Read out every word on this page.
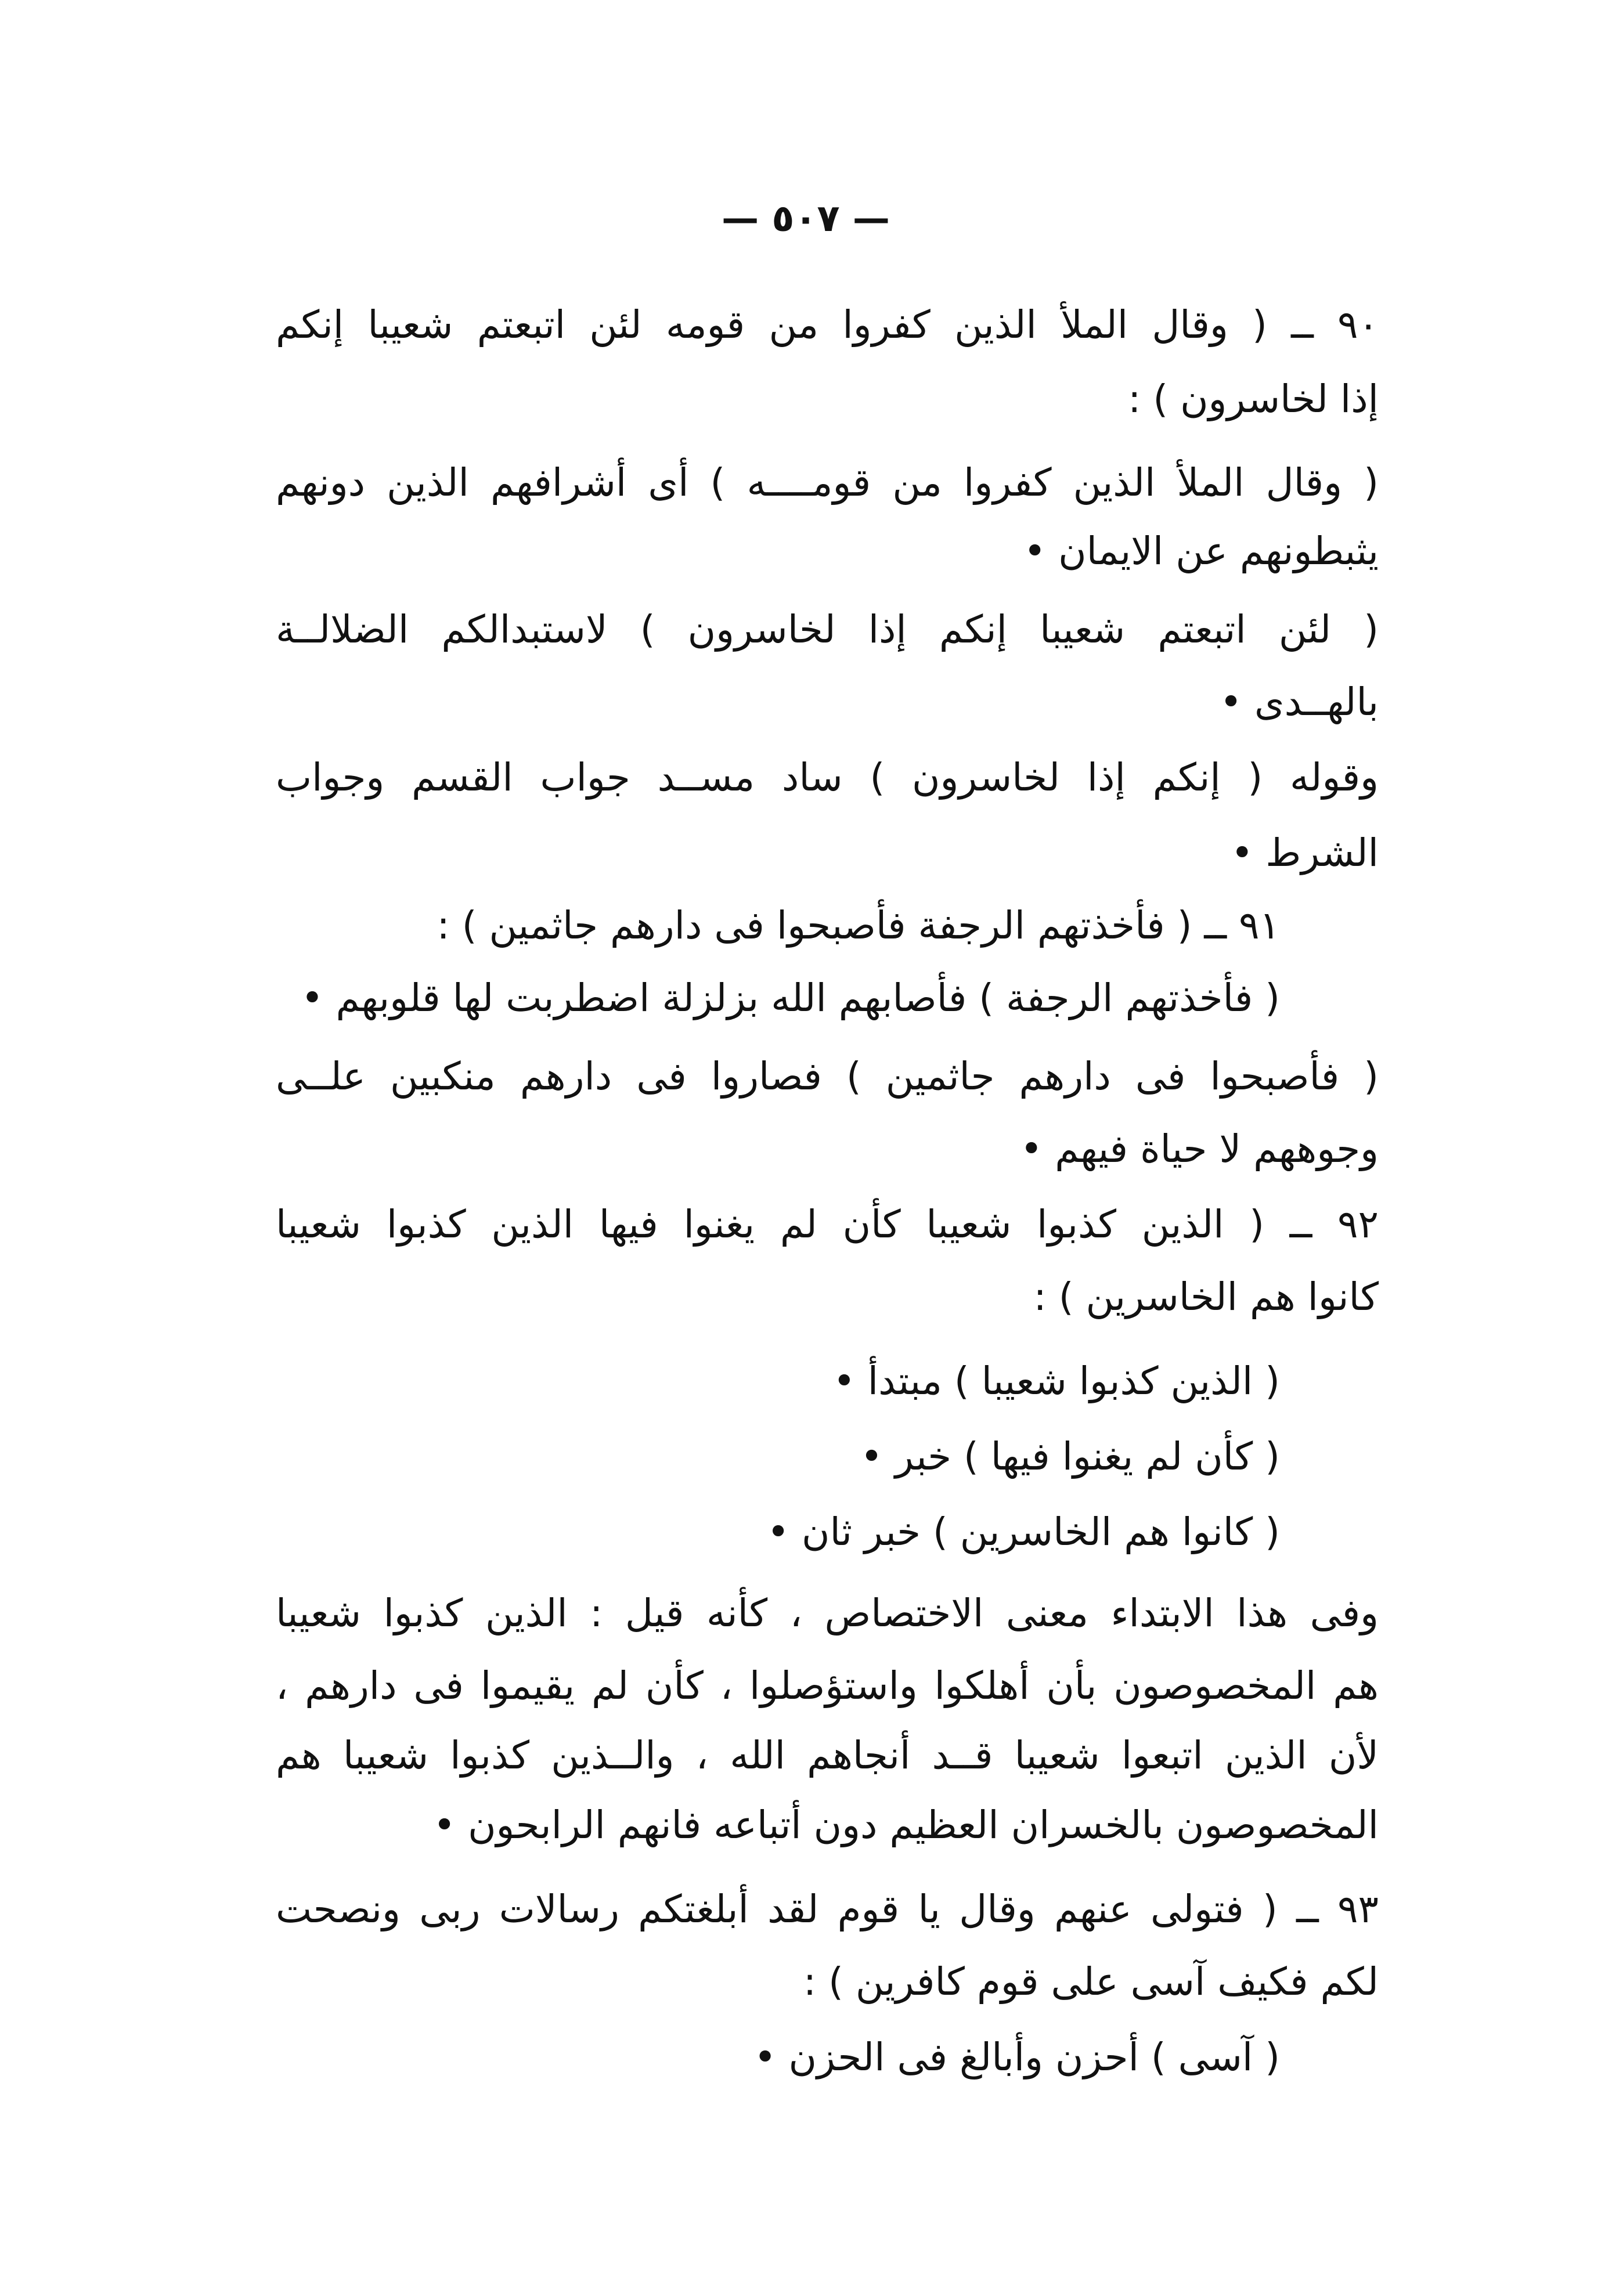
— ٥٠٧ —
٩٠ ــ ( وقال الملأ الذين كفروا من قومه لئن اتبعتم شعيبا إنكم
إذا لخاسرون ) :
( وقال الملأ الذين كفروا من قومــــه ) أى أشرافهم الذين دونهم
يثبطونهم عن الايمان •
( لئن اتبعتم شعيبا إنكم إذا لخاسرون ) لاستبدالكم الضلالــة
بالهــدى •
وقوله ( إنكم إذا لخاسرون ) ساد مســد جواب القسم وجواب
الشرط •
٩١ ــ ( فأخذتهم الرجفة فأصبحوا فى دارهم جاثمين ) :
( فأخذتهم الرجفة ) فأصابهم الله بزلزلة اضطربت لها قلوبهم •
( فأصبحوا فى دارهم جاثمين ) فصاروا فى دارهم منكبين علــى
وجوههم لا حياة فيهم •
٩٢ ــ ( الذين كذبوا شعيبا كأن لم يغنوا فيها الذين كذبوا شعيبا
كانوا هم الخاسرين ) :
( الذين كذبوا شعيبا ) مبتدأ •
( كأن لم يغنوا فيها ) خبر •
( كانوا هم الخاسرين ) خبر ثان •
وفى هذا الابتداء معنى الاختصاص ، كأنه قيل : الذين كذبوا شعيبا
هم المخصوصون بأن أهلكوا واستؤصلوا ، كأن لم يقيموا فى دارهم ،
لأن الذين اتبعوا شعيبا قــد أنجاهم الله ، والــذين كذبوا شعيبا هم
المخصوصون بالخسران العظيم دون أتباعه فانهم الرابحون •
٩٣ ــ ( فتولى عنهم وقال يا قوم لقد أبلغتكم رسالات ربى ونصحت
لكم فكيف آسى على قوم كافرين ) :
( آسى ) أحزن وأبالغ فى الحزن •
